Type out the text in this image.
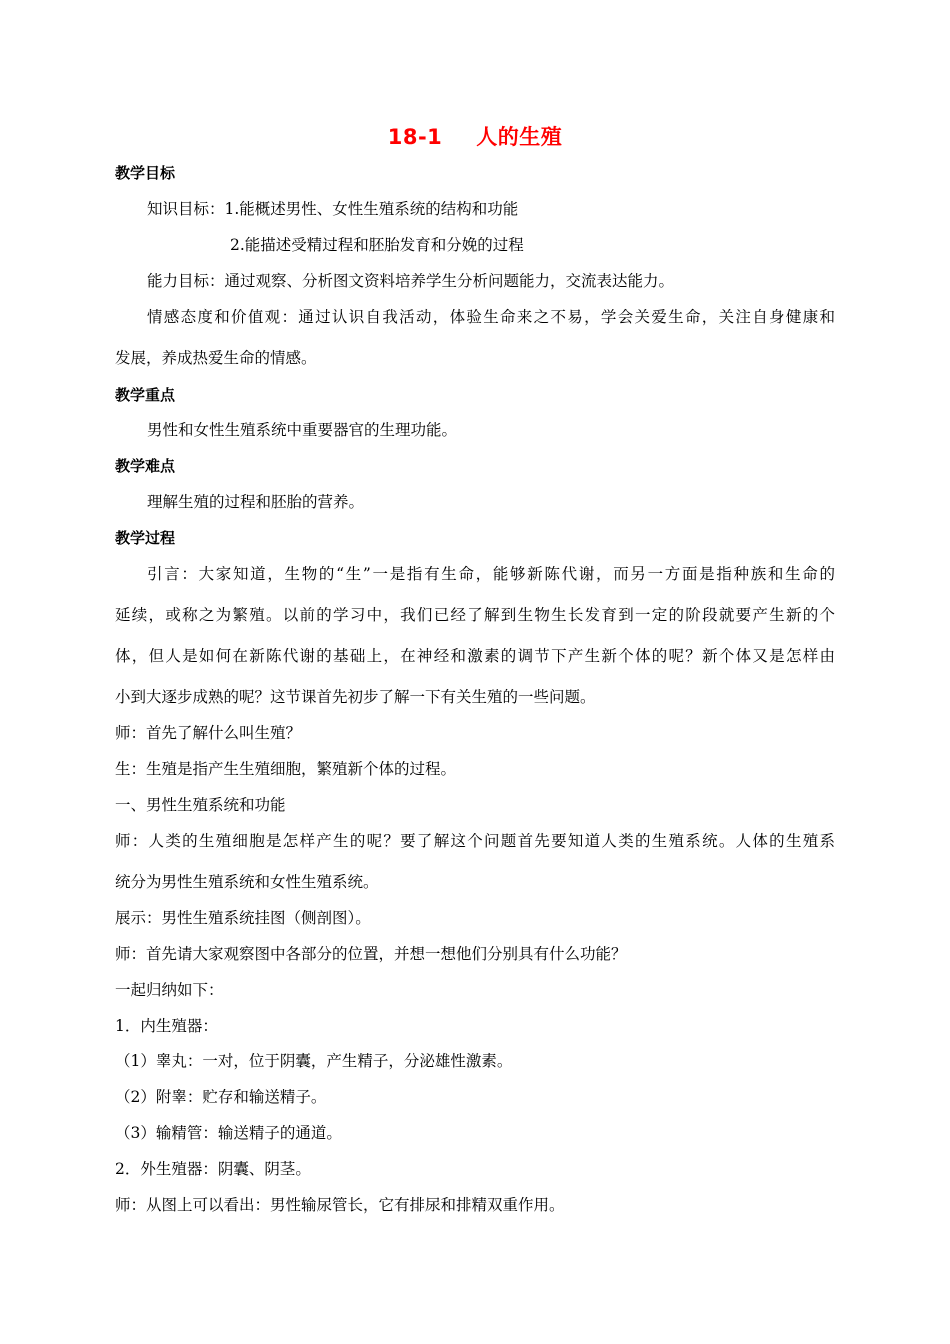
18-1 人的生殖
教学目标
知识目标：1.能概述男性、女性生殖系统的结构和功能
2.能描述受精过程和胚胎发育和分娩的过程
能力目标：通过观察、分析图文资料培养学生分析问题能力，交流表达能力。
情感态度和价值观：通过认识自我活动，体验生命来之不易，学会关爱生命，关注自身健康和
发展，养成热爱生命的情感。
教学重点
男性和女性生殖系统中重要器官的生理功能。
教学难点
理解生殖的过程和胚胎的营养。
教学过程
引言：大家知道，生物的“生”一是指有生命，能够新陈代谢，而另一方面是指种族和生命的
延续，或称之为繁殖。以前的学习中，我们已经了解到生物生长发育到一定的阶段就要产生新的个
体，但人是如何在新陈代谢的基础上，在神经和激素的调节下产生新个体的呢？新个体又是怎样由
小到大逐步成熟的呢？这节课首先初步了解一下有关生殖的一些问题。
师：首先了解什么叫生殖？
生：生殖是指产生生殖细胞，繁殖新个体的过程。
一、男性生殖系统和功能
师：人类的生殖细胞是怎样产生的呢？要了解这个问题首先要知道人类的生殖系统。人体的生殖系
统分为男性生殖系统和女性生殖系统。
展示：男性生殖系统挂图（侧剖图）。
师：首先请大家观察图中各部分的位置，并想一想他们分别具有什么功能？
一起归纳如下：
1．内生殖器：
（1）睾丸：一对，位于阴囊，产生精子，分泌雄性激素。
（2）附睾：贮存和输送精子。
（3）输精管：输送精子的通道。
2．外生殖器：阴囊、阴茎。
师：从图上可以看出：男性输尿管长，它有排尿和排精双重作用。
